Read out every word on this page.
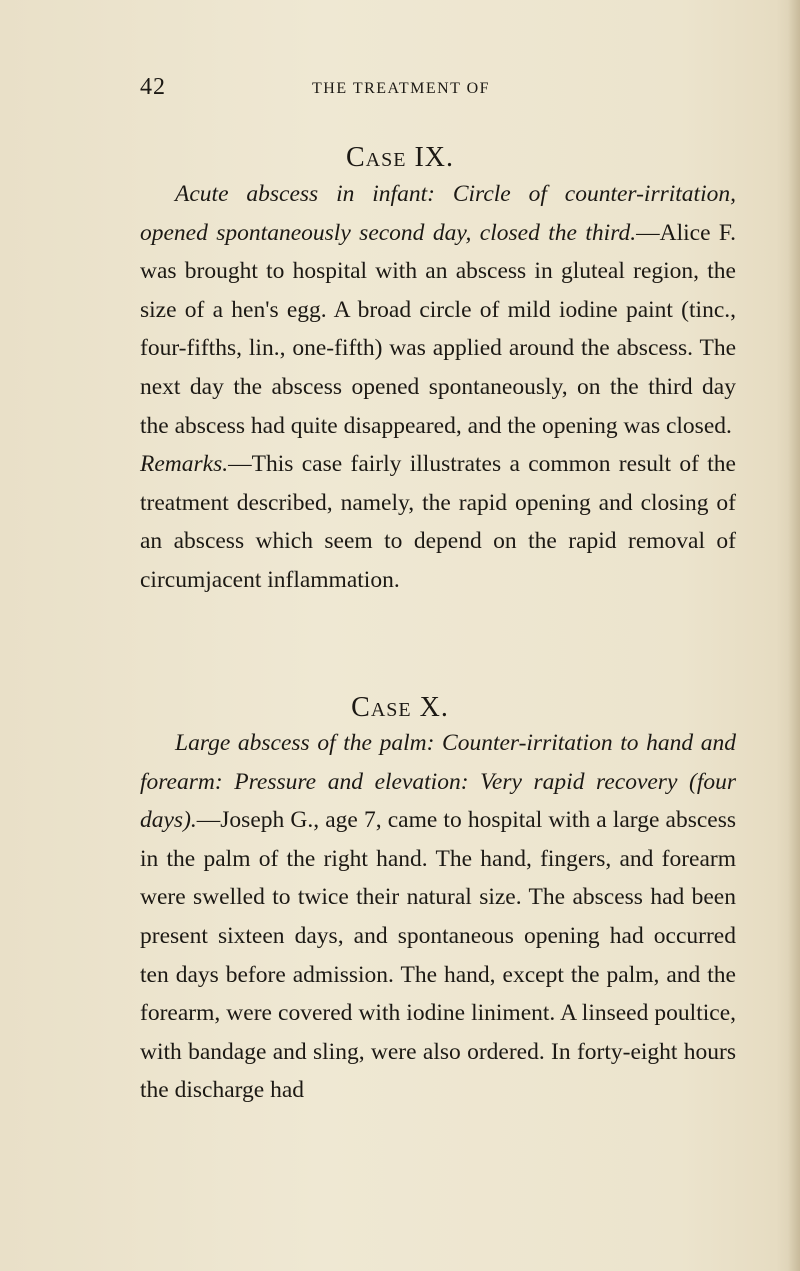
42	THE TREATMENT OF
Case IX.

Acute abscess in infant: Circle of counter-irritation, opened spontaneously second day, closed the third.—Alice F. was brought to hospital with an abscess in gluteal region, the size of a hen's egg. A broad circle of mild iodine paint (tinc., four-fifths, lin., one-fifth) was applied around the abscess. The next day the abscess opened spontaneously, on the third day the abscess had quite disappeared, and the opening was closed.

Remarks.—This case fairly illustrates a common result of the treatment described, namely, the rapid opening and closing of an abscess which seem to depend on the rapid removal of circumjacent inflammation.

Case X.

Large abscess of the palm: Counter-irritation to hand and forearm: Pressure and elevation: Very rapid recovery (four days).—Joseph G., age 7, came to hospital with a large abscess in the palm of the right hand. The hand, fingers, and forearm were swelled to twice their natural size. The abscess had been present sixteen days, and spontaneous opening had occurred ten days before admission. The hand, except the palm, and the forearm, were covered with iodine liniment. A linseed poultice, with bandage and sling, were also ordered. In forty-eight hours the discharge had
